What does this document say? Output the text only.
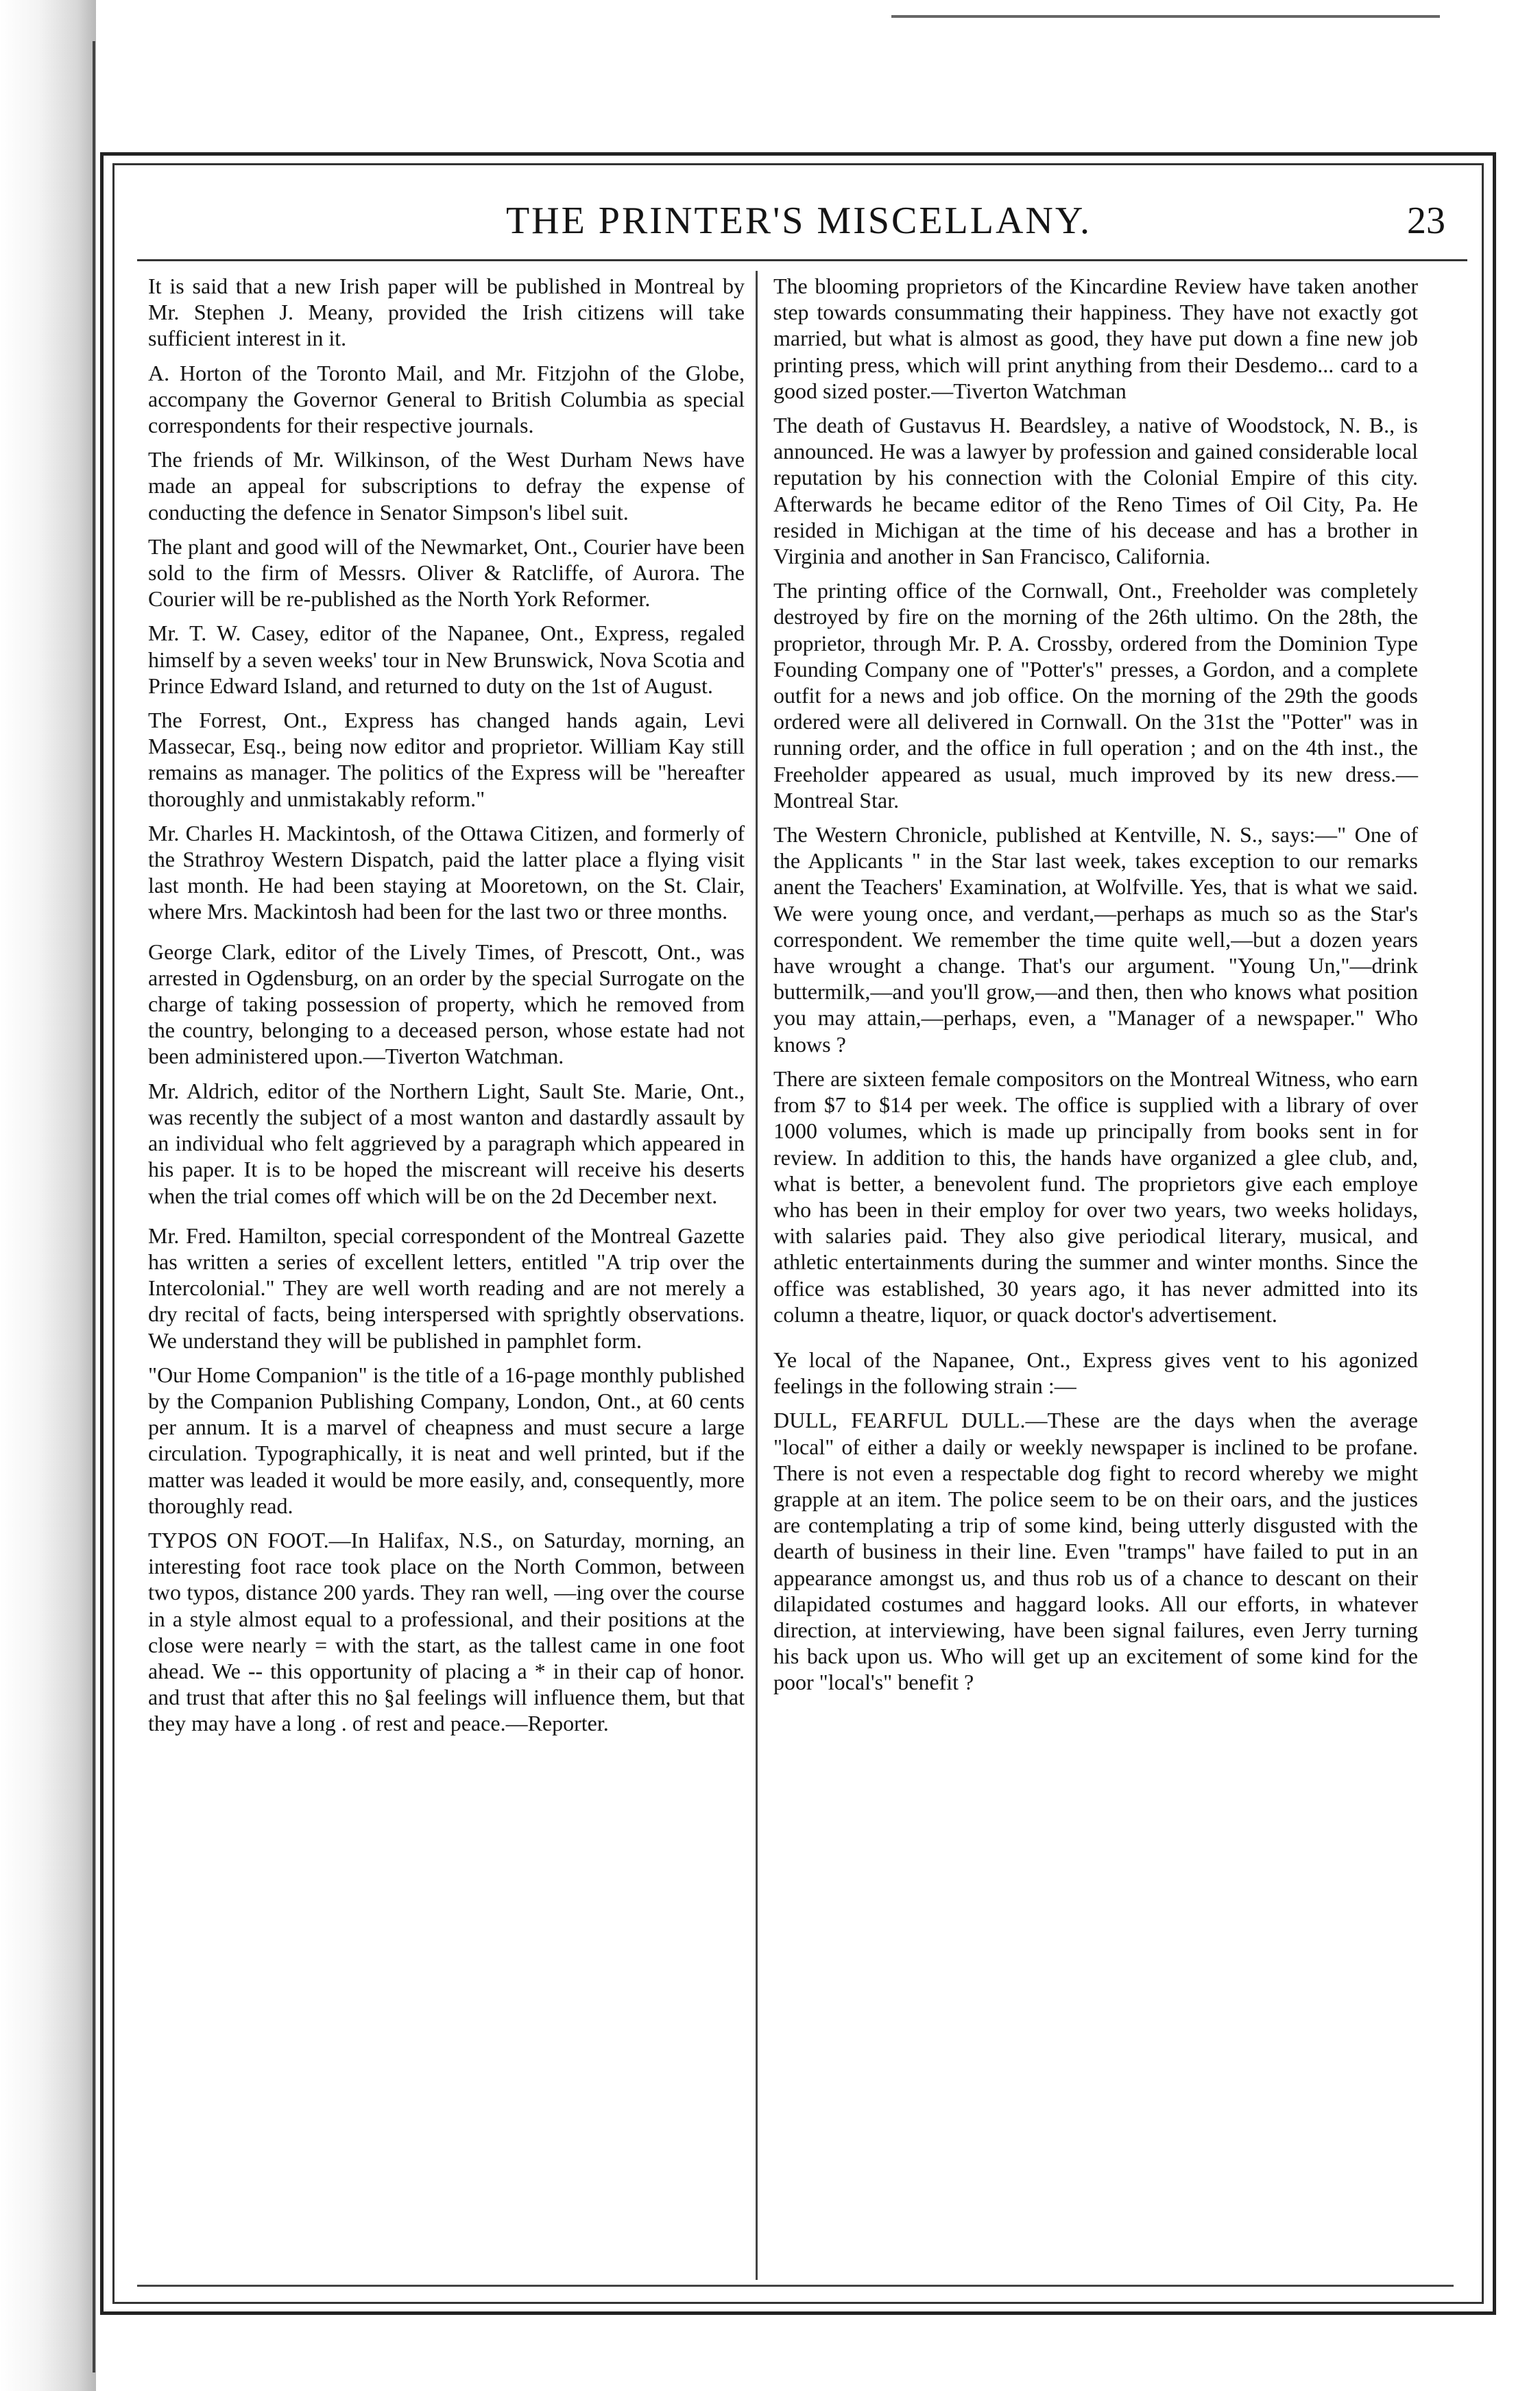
THE PRINTER'S MISCELLANY.	23

It is said that a new Irish paper will be published in Montreal by Mr. Stephen J. Meany, provided the Irish citizens will take sufficient interest in it.

A. Horton of the Toronto Mail, and Mr. Fitzjohn of the Globe, accompany the Governor General to British Columbia as special correspondents for their respective journals.

The friends of Mr. Wilkinson, of the West Durham News have made an appeal for subscriptions to defray the expense of conducting the defence in Senator Simpson's libel suit.

The plant and good will of the Newmarket, Ont., Courier have been sold to the firm of Messrs. Oliver & Ratcliffe, of Aurora. The Courier will be re-published as the North York Reformer.

Mr. T. W. Casey, editor of the Napanee, Ont., Express, regaled himself by a seven weeks' tour in New Brunswick, Nova Scotia and Prince Edward Island, and returned to duty on the 1st of August.

The Forrest, Ont., Express has changed hands again, Levi Massecar, Esq., being now editor and proprietor. William Kay still remains as manager. The politics of the Express will be "hereafter thoroughly and unmistakably reform."

Mr. Charles H. Mackintosh, of the Ottawa Citizen, and formerly of the Strathroy Western Dispatch, paid the latter place a flying visit last month. He had been staying at Mooretown, on the St. Clair, where Mrs. Mackintosh had been for the last two or three months.

George Clark, editor of the Lively Times, of Prescott, Ont., was arrested in Ogdensburg, on an order by the special Surrogate on the charge of taking possession of property, which he removed from the country, belonging to a deceased person, whose estate had not been administered upon.—Tiverton Watchman.

Mr. Aldrich, editor of the Northern Light, Sault Ste. Marie, Ont., was recently the subject of a most wanton and dastardly assault by an individual who felt aggrieved by a paragraph which appeared in his paper. It is to be hoped the miscreant will receive his deserts when the trial comes off which will be on the 2d December next.

Mr. Fred. Hamilton, special correspondent of the Montreal Gazette has written a series of excellent letters, entitled "A trip over the Intercolonial." They are well worth reading and are not merely a dry recital of facts, being interspersed with sprightly observations. We understand they will be published in pamphlet form.

"Our Home Companion" is the title of a 16-page monthly published by the Companion Publishing Company, London, Ont., at 60 cents per annum. It is a marvel of cheapness and must secure a large circulation. Typographically, it is neat and well printed, but if the matter was leaded it would be more easily, and, consequently, more thoroughly read.

TYPOS ON FOOT.—In Halifax, N.S., on Saturday, morning, an interesting foot race took place on the North Common, between two typos, distance 200 yards. They ran well, —ing over the course in a style almost equal to a professional, and their positions at the close were nearly = with the start, as the tallest came in one foot ahead. We -- this opportunity of placing a * in their cap of honor. and trust that after this no §al feelings will influence them, but that they may have a long . of rest and peace.—Reporter.

The blooming proprietors of the Kincardine Review have taken another step towards consummating their happiness. They have not exactly got married, but what is almost as good, they have put down a fine new job printing press, which will print anything from their Desdemo... card to a good sized poster.—Tiverton Watchman

The death of Gustavus H. Beardsley, a native of Woodstock, N. B., is announced. He was a lawyer by profession and gained considerable local reputation by his connection with the Colonial Empire of this city. Afterwards he became editor of the Reno Times of Oil City, Pa. He resided in Michigan at the time of his decease and has a brother in Virginia and another in San Francisco, California.

The printing office of the Cornwall, Ont., Freeholder was completely destroyed by fire on the morning of the 26th ultimo. On the 28th, the proprietor, through Mr. P. A. Crossby, ordered from the Dominion Type Founding Company one of "Potter's" presses, a Gordon, and a complete outfit for a news and job office. On the morning of the 29th the goods ordered were all delivered in Cornwall. On the 31st the "Potter" was in running order, and the office in full operation ; and on the 4th inst., the Freeholder appeared as usual, much improved by its new dress.—Montreal Star.

The Western Chronicle, published at Kentville, N. S., says:—" One of the Applicants " in the Star last week, takes exception to our remarks anent the Teachers' Examination, at Wolfville. Yes, that is what we said. We were young once, and verdant,—perhaps as much so as the Star's correspondent. We remember the time quite well,—but a dozen years have wrought a change. That's our argument. "Young Un,"—drink buttermilk,—and you'll grow,—and then, then who knows what position you may attain,—perhaps, even, a "Manager of a newspaper." Who knows ?

There are sixteen female compositors on the Montreal Witness, who earn from $7 to $14 per week. The office is supplied with a library of over 1000 volumes, which is made up principally from books sent in for review. In addition to this, the hands have organized a glee club, and, what is better, a benevolent fund. The proprietors give each employe who has been in their employ for over two years, two weeks holidays, with salaries paid. They also give periodical literary, musical, and athletic entertainments during the summer and winter months. Since the office was established, 30 years ago, it has never admitted into its column a theatre, liquor, or quack doctor's advertisement.

Ye local of the Napanee, Ont., Express gives vent to his agonized feelings in the following strain :—

DULL, FEARFUL DULL.—These are the days when the average "local" of either a daily or weekly newspaper is inclined to be profane. There is not even a respectable dog fight to record whereby we might grapple at an item. The police seem to be on their oars, and the justices are contemplating a trip of some kind, being utterly disgusted with the dearth of business in their line. Even "tramps" have failed to put in an appearance amongst us, and thus rob us of a chance to descant on their dilapidated costumes and haggard looks. All our efforts, in whatever direction, at interviewing, have been signal failures, even Jerry turning his back upon us. Who will get up an excitement of some kind for the poor "local's" benefit ?
